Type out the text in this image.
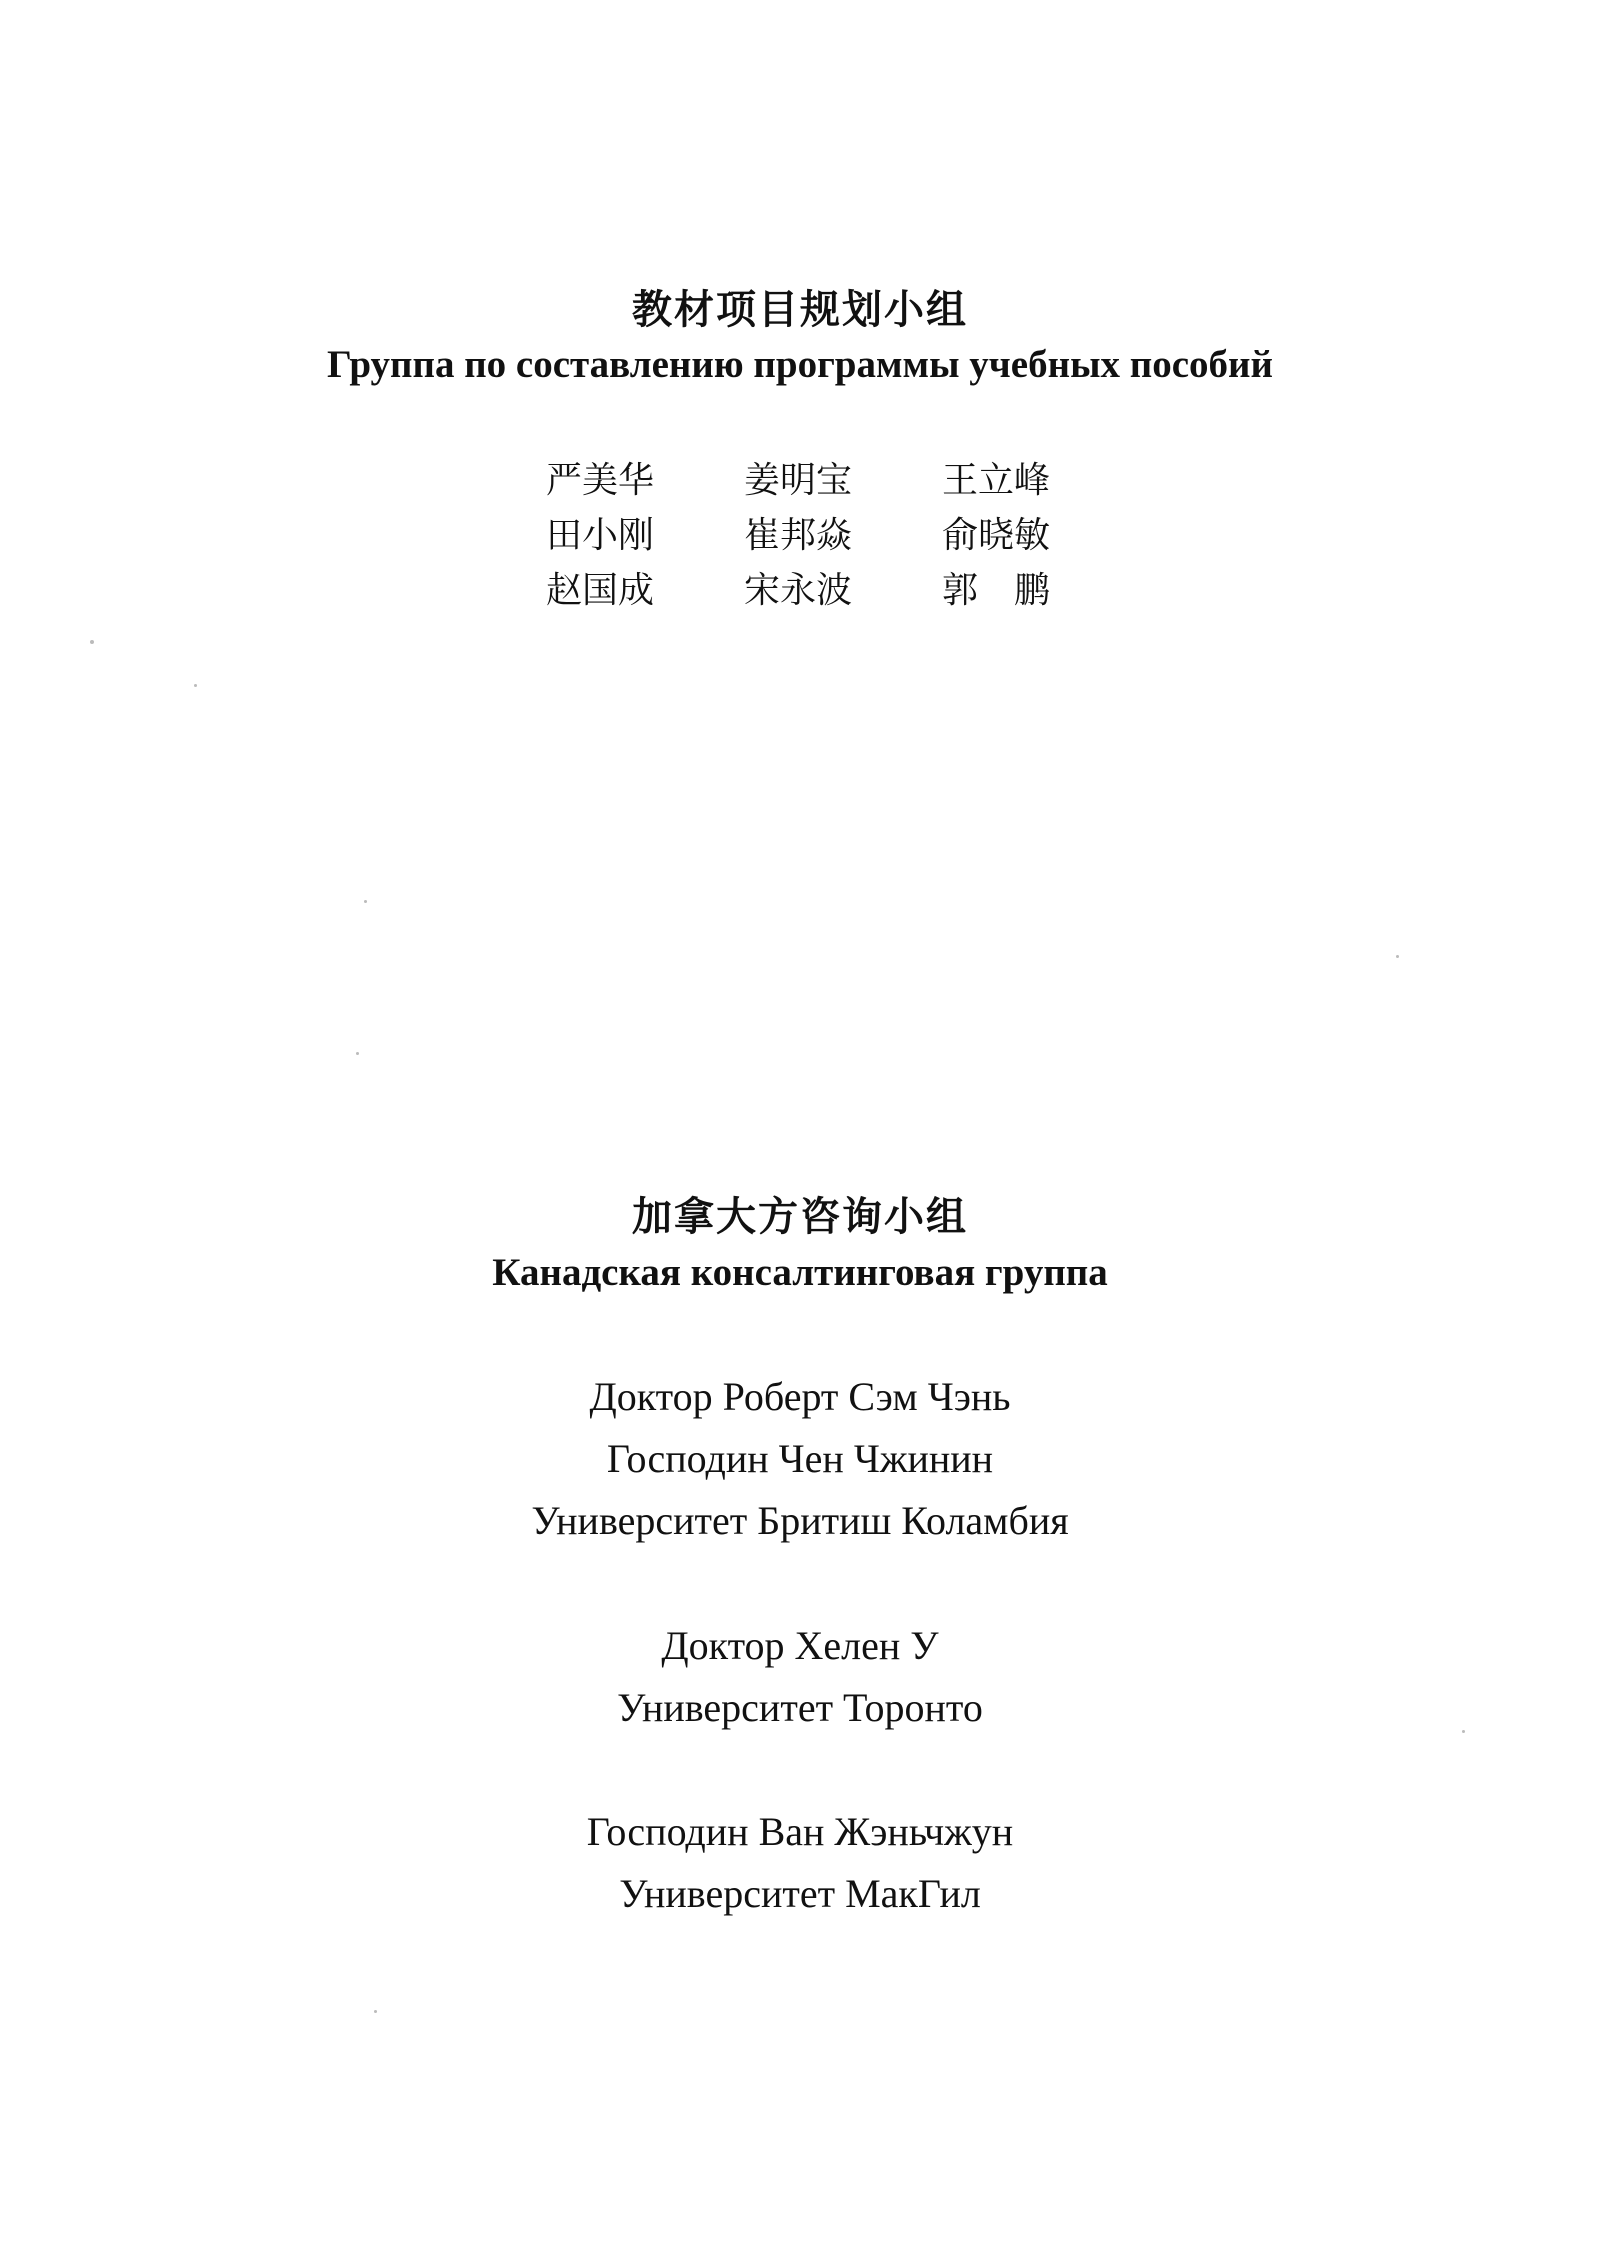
教材项目规划小组
Группа по составлению программы учебных пособий
严美华	姜明宝	王立峰
田小刚	崔邦焱	俞晓敏
赵国成	宋永波	郭　鹏
加拿大方咨询小组
Канадская консалтинговая группа
Доктор Роберт Сэм Чэнь
Господин Чен Чжинин
Университет Бритиш Коламбия
Доктор Хелен У
Университет Торонто
Господин Ван Жэньчжун
Университет МакГил
